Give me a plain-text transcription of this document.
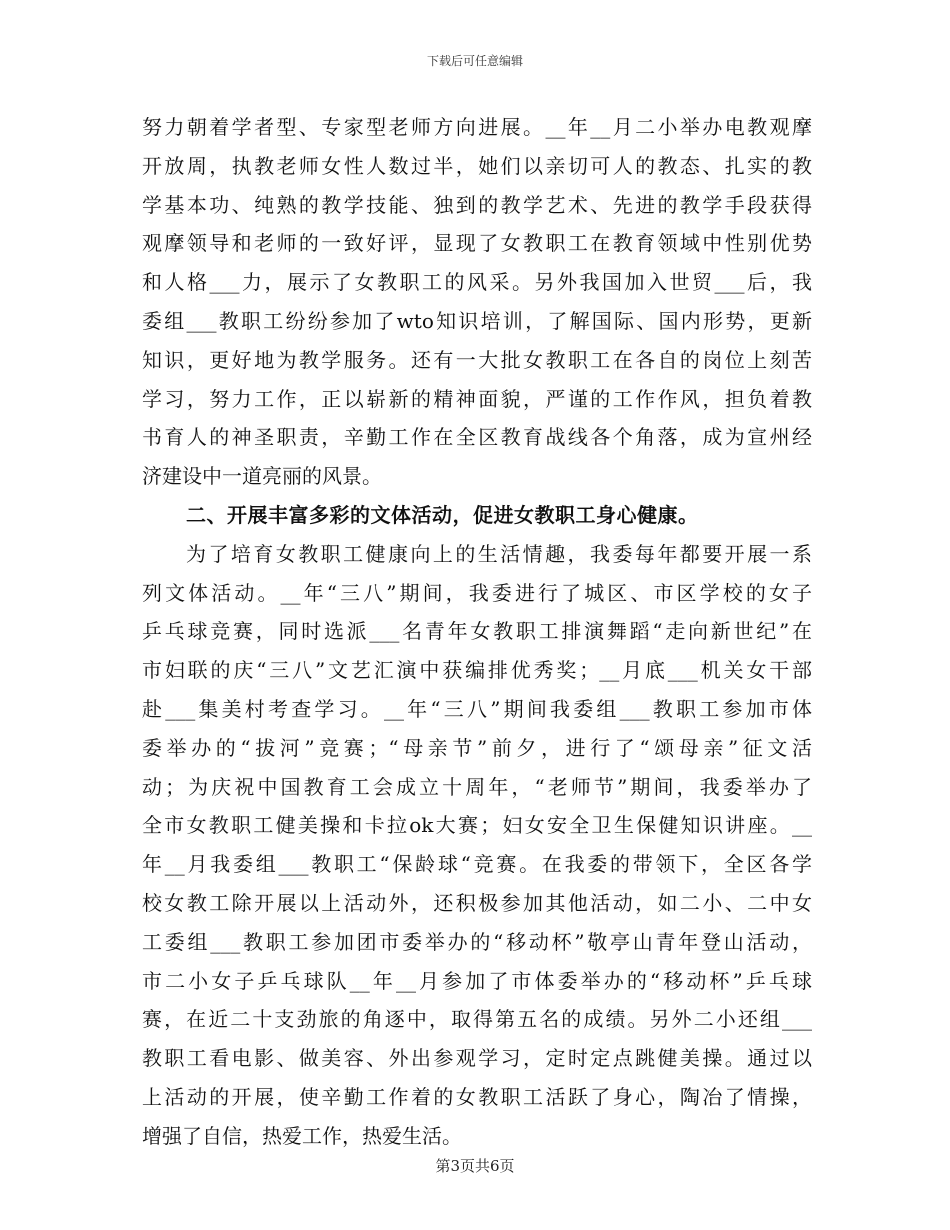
下载后可任意编辑
努力朝着学者型、专家型老师方向进展。__年__月二小举办电教观摩
开放周，执教老师女性人数过半，她们以亲切可人的教态、扎实的教
学基本功、纯熟的教学技能、独到的教学艺术、先进的教学手段获得
观摩领导和老师的一致好评，显现了女教职工在教育领域中性别优势
和人格___力，展示了女教职工的风采。另外我国加入世贸___后，我
委组___教职工纷纷参加了wto知识培训，了解国际、国内形势，更新
知识，更好地为教学服务。还有一大批女教职工在各自的岗位上刻苦
学习，努力工作，正以崭新的精神面貌，严谨的工作作风，担负着教
书育人的神圣职责，辛勤工作在全区教育战线各个角落，成为宣州经
济建设中一道亮丽的风景。
二、开展丰富多彩的文体活动，促进女教职工身心健康。
为了培育女教职工健康向上的生活情趣，我委每年都要开展一系
列文体活动。__年“三八”期间，我委进行了城区、市区学校的女子
乒乓球竞赛，同时选派___名青年女教职工排演舞蹈“走向新世纪”在
市妇联的庆“三八”文艺汇演中获编排优秀奖；__月底___机关女干部
赴___集美村考查学习。__年“三八”期间我委组___教职工参加市体
委举办的“拔河”竞赛；“母亲节”前夕，进行了“颂母亲”征文活
动；为庆祝中国教育工会成立十周年，“老师节”期间，我委举办了
全市女教职工健美操和卡拉ok大赛；妇女安全卫生保健知识讲座。__
年__月我委组___教职工“保龄球“竞赛。在我委的带领下，全区各学
校女教工除开展以上活动外，还积极参加其他活动，如二小、二中女
工委组___教职工参加团市委举办的“移动杯”敬亭山青年登山活动，
市二小女子乒乓球队__年__月参加了市体委举办的“移动杯”乒乓球
赛，在近二十支劲旅的角逐中，取得第五名的成绩。另外二小还组___
教职工看电影、做美容、外出参观学习，定时定点跳健美操。通过以
上活动的开展，使辛勤工作着的女教职工活跃了身心，陶冶了情操，
增强了自信，热爱工作，热爱生活。
第3页共6页
